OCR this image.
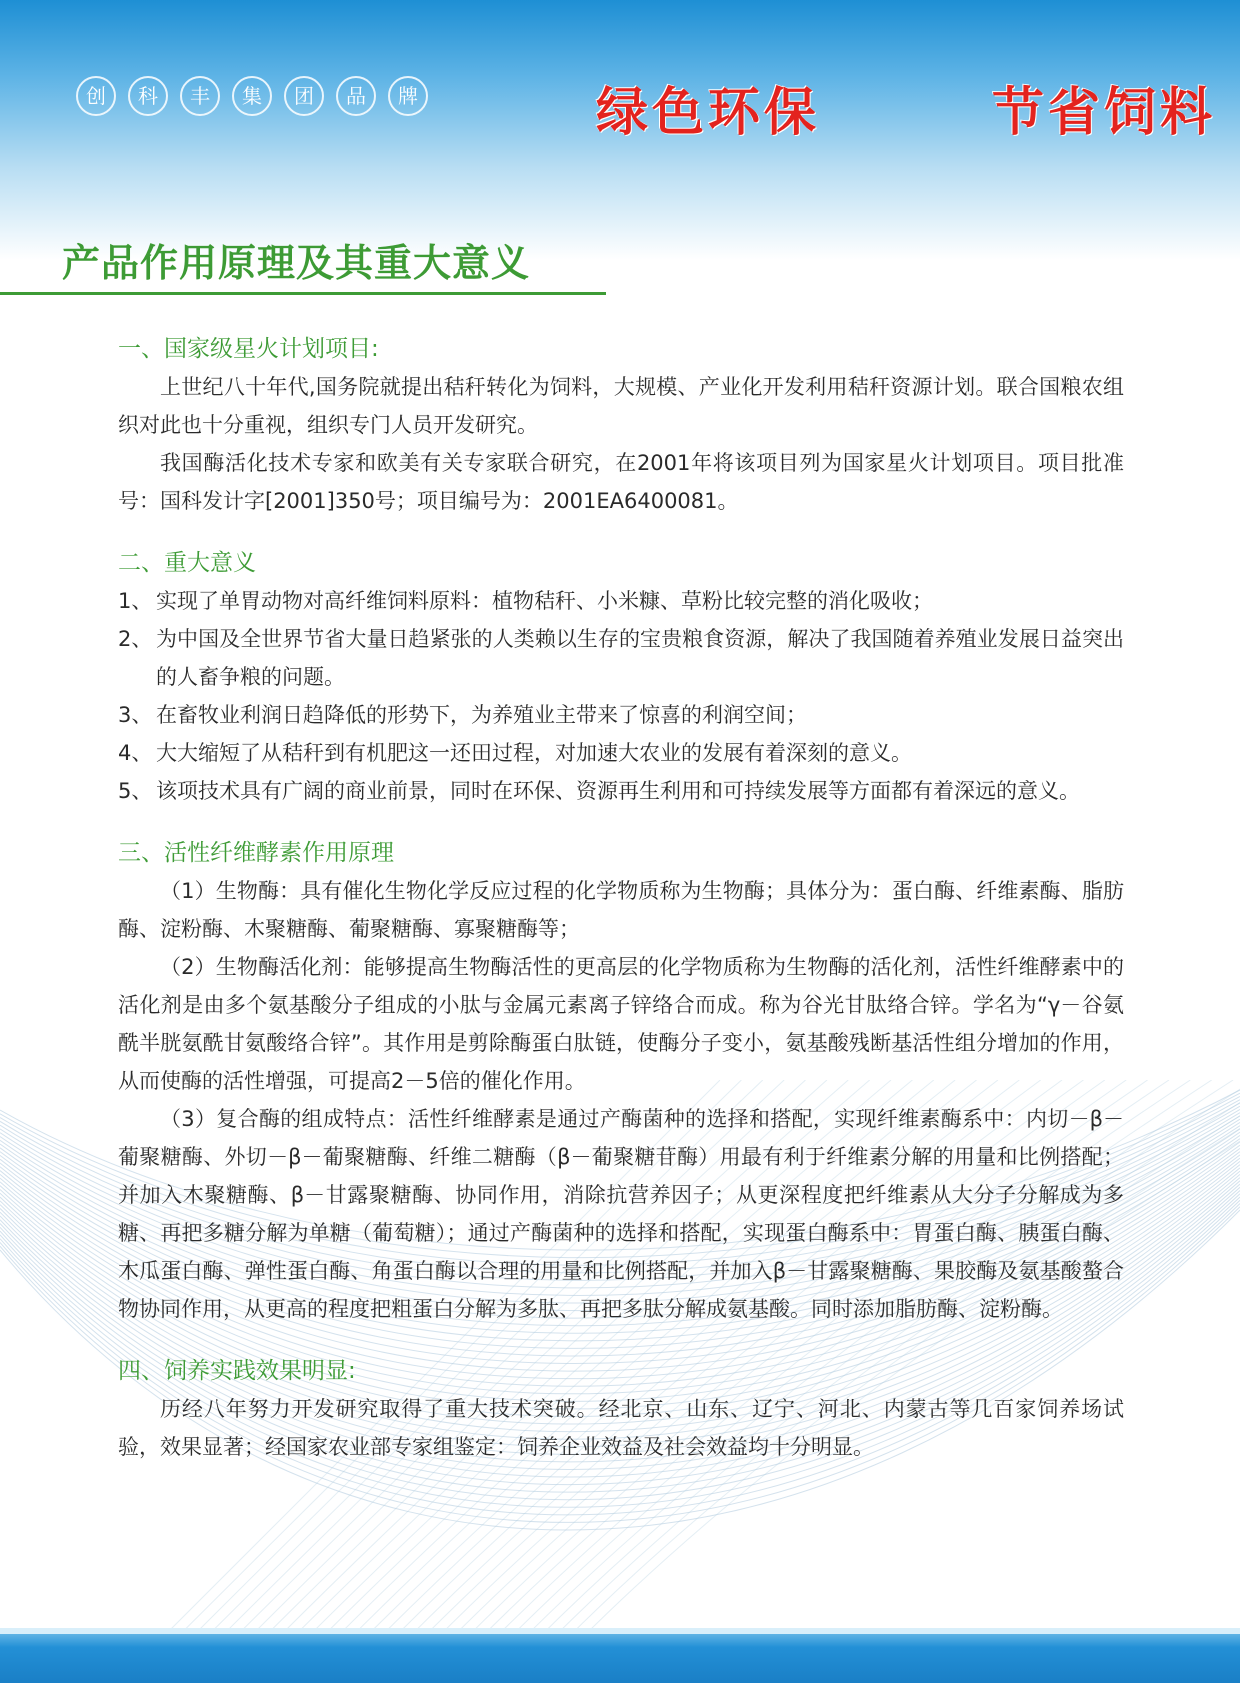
创	科	丰	集	团	品	牌	绿色环保	节省饲料
产品作用原理及其重大意义
一、国家级星火计划项目:

上世纪八十年代,国务院就提出秸秆转化为饲料，大规模、产业化开发利用秸秆资源计划。联合国粮农组织对此也十分重视，组织专门人员开发研究。

我国酶活化技术专家和欧美有关专家联合研究，在2001年将该项目列为国家星火计划项目。项目批准号：国科发计字[2001]350号；项目编号为：2001EA6400081。

二、重大意义
1、 实现了单胃动物对高纤维饲料原料：植物秸秆、小米糠、草粉比较完整的消化吸收；
2、 为中国及全世界节省大量日趋紧张的人类赖以生存的宝贵粮食资源，解决了我国随着养殖业发展日益突出的人畜争粮的问题。
3、 在畜牧业利润日趋降低的形势下，为养殖业主带来了惊喜的利润空间；
4、 大大缩短了从秸秆到有机肥这一还田过程，对加速大农业的发展有着深刻的意义。
5、 该项技术具有广阔的商业前景，同时在环保、资源再生利用和可持续发展等方面都有着深远的意义。
三、活性纤维酵素作用原理

（1）生物酶：具有催化生物化学反应过程的化学物质称为生物酶；具体分为：蛋白酶、纤维素酶、脂肪酶、淀粉酶、木聚糖酶、葡聚糖酶、寡聚糖酶等；

（2）生物酶活化剂：能够提高生物酶活性的更高层的化学物质称为生物酶的活化剂，活性纤维酵素中的活化剂是由多个氨基酸分子组成的小肽与金属元素离子锌络合而成。称为谷光甘肽络合锌。学名为“γ－谷氨酰半胱氨酰甘氨酸络合锌”。其作用是剪除酶蛋白肽链，使酶分子变小，氨基酸残断基活性组分增加的作用，从而使酶的活性增强，可提高2－5倍的催化作用。

（3）复合酶的组成特点：活性纤维酵素是通过产酶菌种的选择和搭配，实现纤维素酶系中：内切－β－葡聚糖酶、外切－β－葡聚糖酶、纤维二糖酶（β－葡聚糖苷酶）用最有利于纤维素分解的用量和比例搭配；并加入木聚糖酶、β－甘露聚糖酶、协同作用，消除抗营养因子；从更深程度把纤维素从大分子分解成为多糖、再把多糖分解为单糖（葡萄糖）；通过产酶菌种的选择和搭配，实现蛋白酶系中：胃蛋白酶、胰蛋白酶、木瓜蛋白酶、弹性蛋白酶、角蛋白酶以合理的用量和比例搭配，并加入β－甘露聚糖酶、果胶酶及氨基酸螯合物协同作用，从更高的程度把粗蛋白分解为多肽、再把多肽分解成氨基酸。同时添加脂肪酶、淀粉酶。

四、饲养实践效果明显:

历经八年努力开发研究取得了重大技术突破。经北京、山东、辽宁、河北、内蒙古等几百家饲养场试验，效果显著；经国家农业部专家组鉴定：饲养企业效益及社会效益均十分明显。
